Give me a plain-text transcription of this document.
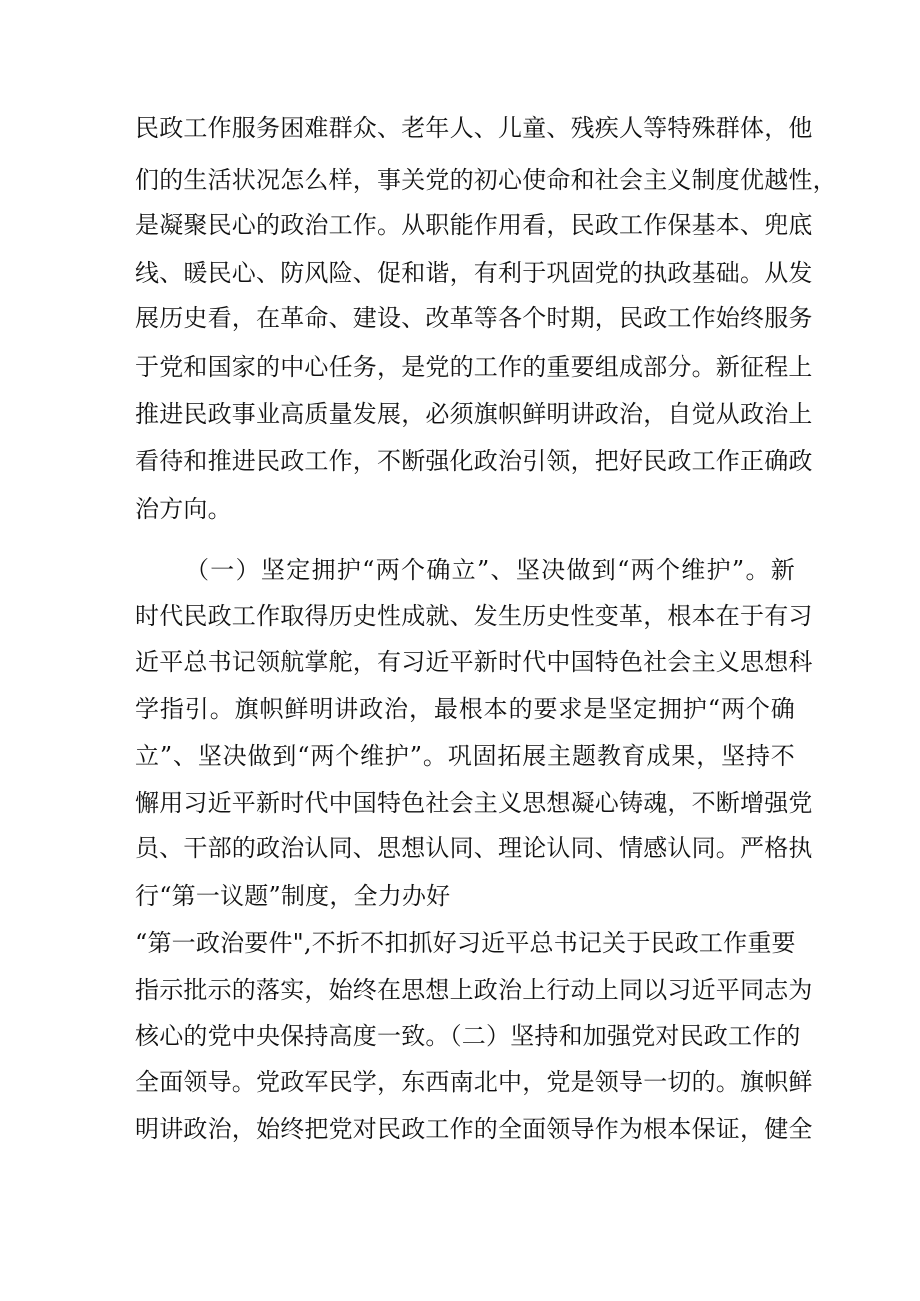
民政工作服务困难群众、老年人、儿童、残疾人等特殊群体，他
们的生活状况怎么样，事关党的初心使命和社会主义制度优越性，
是凝聚民心的政治工作。从职能作用看，民政工作保基本、兜底
线、暖民心、防风险、促和谐，有利于巩固党的执政基础。从发
展历史看，在革命、建设、改革等各个时期，民政工作始终服务
于党和国家的中心任务，是党的工作的重要组成部分。新征程上
推进民政事业高质量发展，必须旗帜鲜明讲政治，自觉从政治上
看待和推进民政工作，不断强化政治引领，把好民政工作正确政
治方向。
（一）坚定拥护“两个确立”、坚决做到“两个维护”。新
时代民政工作取得历史性成就、发生历史性变革，根本在于有习
近平总书记领航掌舵，有习近平新时代中国特色社会主义思想科
学指引。旗帜鲜明讲政治，最根本的要求是坚定拥护“两个确
立”、坚决做到“两个维护”。巩固拓展主题教育成果，坚持不
懈用习近平新时代中国特色社会主义思想凝心铸魂，不断增强党
员、干部的政治认同、思想认同、理论认同、情感认同。严格执
行“第一议题”制度，全力办好
“第一政治要件",不折不扣抓好习近平总书记关于民政工作重要
指示批示的落实，始终在思想上政治上行动上同以习近平同志为
核心的党中央保持高度一致。（二）坚持和加强党对民政工作的
全面领导。党政军民学，东西南北中，党是领导一切的。旗帜鲜
明讲政治，始终把党对民政工作的全面领导作为根本保证，健全
